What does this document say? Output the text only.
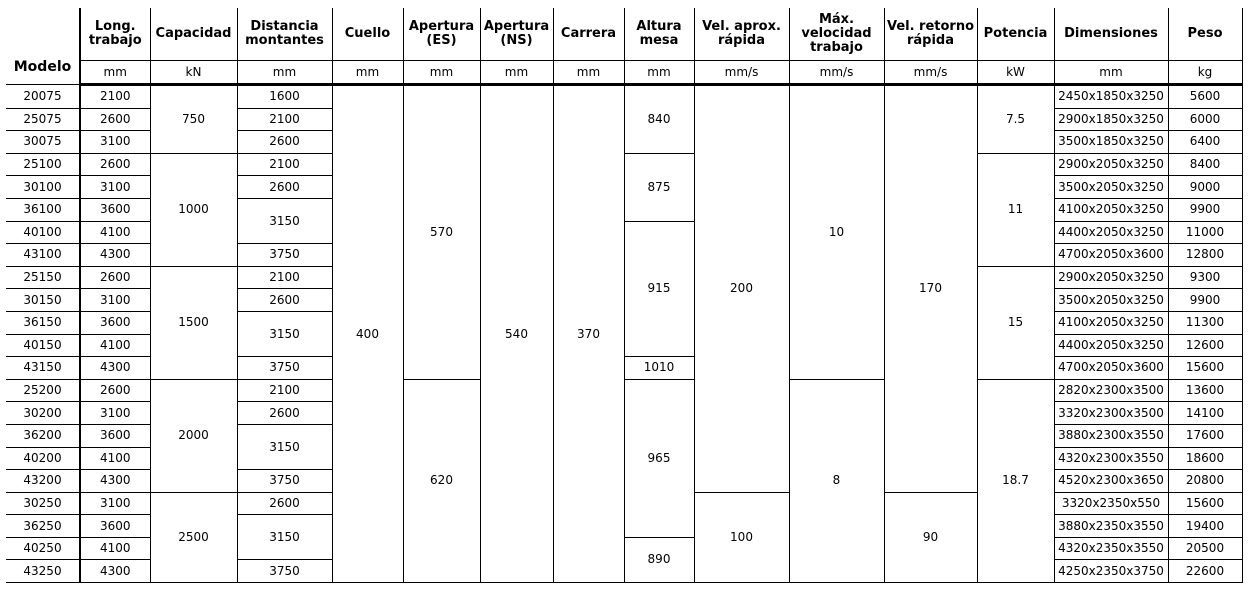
Modelo	Long. trabajo	Capacidad	Distancia montantes	Cuello	Apertura (ES)	Apertura (NS)	Carrera	Altura mesa	Vel. aprox. rápida	Máx. velocidad trabajo	Vel. retorno rápida	Potencia	Dimensiones	Peso
	mm	kN	mm	mm	mm	mm	mm	mm	mm/s	mm/s	mm/s	kW	mm	kg
20075	2100	750	1600	400	570	540	370	840	200	10	170	7.5	2450x1850x3250	5600
25075	2600		2100										2900x1850x3250	6000
30075	3100		2600										3500x1850x3250	6400
25100	2600	1000	2100					875				11	2900x2050x3250	8400
30100	3100		2600										3500x2050x3250	9000
36100	3600		3150										4100x2050x3250	9900
40100	4100							915					4400x2050x3250	11000
43100	4300		3750										4700x2050x3600	12800
25150	2600	1500	2100									15	2900x2050x3250	9300
30150	3100		2600										3500x2050x3250	9900
36150	3600		3150										4100x2050x3250	11300
40150	4100												4400x2050x3250	12600
43150	4300		3750					1010					4700x2050x3600	15600
25200	2600	2000	2100		620			965		8		18.7	2820x2300x3500	13600
30200	3100		2600										3320x2300x3500	14100
36200	3600		3150										3880x2300x3550	17600
40200	4100												4320x2300x3550	18600
43200	4300		3750										4520x2300x3650	20800
30250	3100	2500	2600						100		90		3320x2350x550	15600
36250	3600		3150										3880x2350x3550	19400
40250	4100							890					4320x2350x3550	20500
43250	4300		3750										4250x2350x3750	22600
